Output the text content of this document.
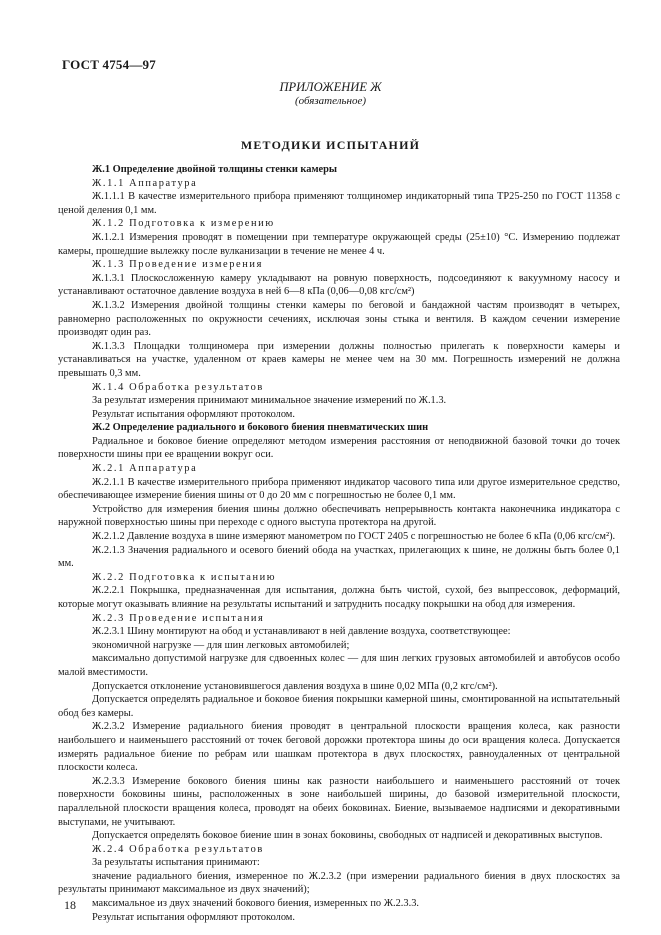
ГОСТ 4754—97
ПРИЛОЖЕНИЕ Ж
(обязательное)
МЕТОДИКИ ИСПЫТАНИЙ

Ж.1 Определение двойной толщины стенки камеры

Ж.1.1 Аппаратура

Ж.1.1.1 В качестве измерительного прибора применяют толщиномер индикаторный типа ТР25-250 по ГОСТ 11358 с ценой деления 0,1 мм.

Ж.1.2 Подготовка к измерению

Ж.1.2.1 Измерения проводят в помещении при температуре окружающей среды (25±10) °С. Измерению подлежат камеры, прошедшие вылежку после вулканизации в течение не менее 4 ч.

Ж.1.3 Проведение измерения

Ж.1.3.1 Плоскосложенную камеру укладывают на ровную поверхность, подсоединяют к вакуумному насосу и устанавливают остаточное давление воздуха в ней 6—8 кПа (0,06—0,08 кгс/см²)

Ж.1.3.2 Измерения двойной толщины стенки камеры по беговой и бандажной частям производят в четырех, равномерно расположенных по окружности сечениях, исключая зоны стыка и вентиля. В каждом сечении измерение производят один раз.

Ж.1.3.3 Площадки толщиномера при измерении должны полностью прилегать к поверхности камеры и устанавливаться на участке, удаленном от краев камеры не менее чем на 30 мм. Погрешность измерений не должна превышать 0,3 мм.

Ж.1.4 Обработка результатов

За результат измерения принимают минимальное значение измерений по Ж.1.3.

Результат испытания оформляют протоколом.

Ж.2 Определение радиального и бокового биения пневматических шин

Радиальное и боковое биение определяют методом измерения расстояния от неподвижной базовой точки до точек поверхности шины при ее вращении вокруг оси.

Ж.2.1 Аппаратура

Ж.2.1.1 В качестве измерительного прибора применяют индикатор часового типа или другое измерительное средство, обеспечивающее измерение биения шины от 0 до 20 мм с погрешностью не более 0,1 мм.

Устройство для измерения биения шины должно обеспечивать непрерывность контакта наконечника индикатора с наружной поверхностью шины при переходе с одного выступа протектора на другой.

Ж.2.1.2 Давление воздуха в шине измеряют манометром по ГОСТ 2405 с погрешностью не более 6 кПа (0,06 кгс/см²).

Ж.2.1.3 Значения радиального и осевого биений обода на участках, прилегающих к шине, не должны быть более 0,1 мм.

Ж.2.2 Подготовка к испытанию

Ж.2.2.1 Покрышка, предназначенная для испытания, должна быть чистой, сухой, без выпрессовок, деформаций, которые могут оказывать влияние на результаты испытаний и затруднить посадку покрышки на обод для измерения.

Ж.2.3 Проведение испытания

Ж.2.3.1 Шину монтируют на обод и устанавливают в ней давление воздуха, соответствующее:

экономичной нагрузке — для шин легковых автомобилей;

максимально допустимой нагрузке для сдвоенных колес — для шин легких грузовых автомобилей и автобусов особо малой вместимости.

Допускается отклонение установившегося давления воздуха в шине 0,02 МПа (0,2 кгс/см²).

Допускается определять радиальное и боковое биения покрышки камерной шины, смонтированной на испытательный обод без камеры.

Ж.2.3.2 Измерение радиального биения проводят в центральной плоскости вращения колеса, как разности наибольшего и наименьшего расстояний от точек беговой дорожки протектора шины до оси вращения колеса. Допускается измерять радиальное биение по ребрам или шашкам протектора в двух плоскостях, равноудаленных от центральной плоскости колеса.

Ж.2.3.3 Измерение бокового биения шины как разности наибольшего и наименьшего расстояний от точек поверхности боковины шины, расположенных в зоне наибольшей ширины, до базовой измерительной плоскости, параллельной плоскости вращения колеса, проводят на обеих боковинах. Биение, вызываемое надписями и декоративными выступами, не учитывают.

Допускается определять боковое биение шин в зонах боковины, свободных от надписей и декоративных выступов.

Ж.2.4 Обработка результатов

За результаты испытания принимают:

значение радиального биения, измеренное по Ж.2.3.2 (при измерении радиального биения в двух плоскостях за результаты принимают максимальное из двух значений);

максимальное из двух значений бокового биения, измеренных по Ж.2.3.3.

Результат испытания оформляют протоколом.

18
